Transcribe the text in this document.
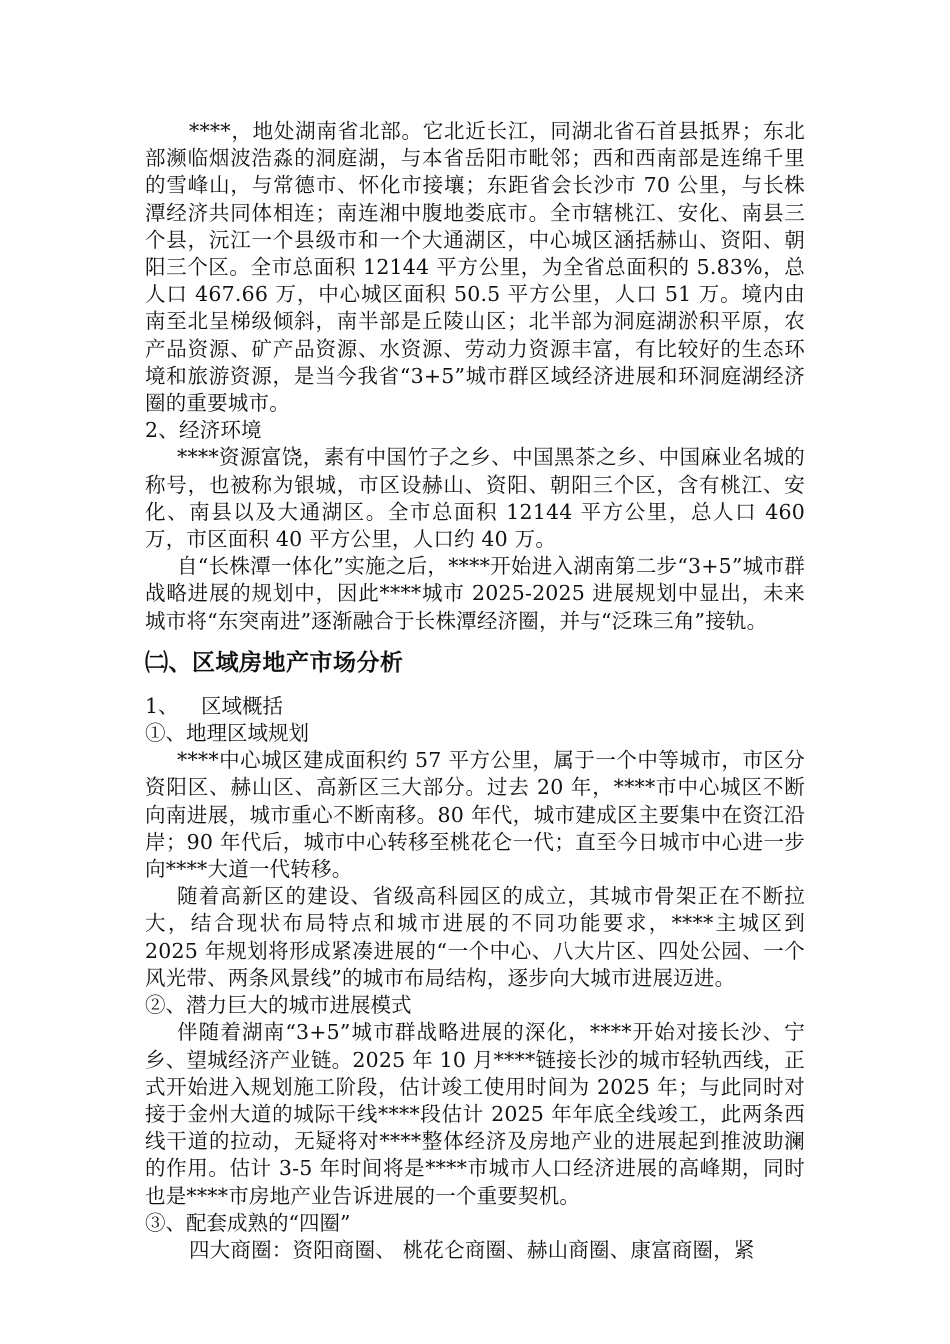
****，地处湖南省北部。它北近长江，同湖北省石首县抵界；东北部濒临烟波浩淼的洞庭湖，与本省岳阳市毗邻；西和西南部是连绵千里的雪峰山，与常德市、怀化市接壤；东距省会长沙市 70 公里，与长株潭经济共同体相连；南连湘中腹地娄底市。全市辖桃江、安化、南县三个县，沅江一个县级市和一个大通湖区，中心城区涵括赫山、资阳、朝阳三个区。全市总面积 12144 平方公里，为全省总面积的 5.83%，总人口 467.66 万，中心城区面积 50.5 平方公里，人口 51 万。境内由南至北呈梯级倾斜，南半部是丘陵山区；北半部为洞庭湖淤积平原，农产品资源、矿产品资源、水资源、劳动力资源丰富，有比较好的生态环境和旅游资源，是当今我省“3+5”城市群区域经济进展和环洞庭湖经济圈的重要城市。

2、经济环境

****资源富饶，素有中国竹子之乡、中国黑茶之乡、中国麻业名城的称号，也被称为银城，市区设赫山、资阳、朝阳三个区，含有桃江、安化、南县以及大通湖区。全市总面积 12144 平方公里，总人口 460 万，市区面积 40 平方公里，人口约 40 万。

自“长株潭一体化”实施之后，****开始进入湖南第二步“3+5”城市群战略进展的规划中，因此****城市 2025-2025 进展规划中显出，未来城市将“东突南进”逐渐融合于长株潭经济圈，并与“泛珠三角”接轨。

㈡、区域房地产市场分析

1、 区域概括

①、地理区域规划

****中心城区建成面积约 57 平方公里，属于一个中等城市，市区分资阳区、赫山区、高新区三大部分。过去 20 年，****市中心城区不断向南进展，城市重心不断南移。80 年代，城市建成区主要集中在资江沿岸；90 年代后，城市中心转移至桃花仑一代；直至今日城市中心进一步向****大道一代转移。

随着高新区的建设、省级高科园区的成立，其城市骨架正在不断拉大，结合现状布局特点和城市进展的不同功能要求，****主城区到 2025 年规划将形成紧凑进展的“一个中心、八大片区、四处公园、一个风光带、两条风景线”的城市布局结构，逐步向大城市进展迈进。

②、潜力巨大的城市进展模式

伴随着湖南“3+5”城市群战略进展的深化，****开始对接长沙、宁乡、望城经济产业链。2025 年 10 月****链接长沙的城市轻轨西线，正式开始进入规划施工阶段，估计竣工使用时间为 2025 年；与此同时对接于金州大道的城际干线****段估计 2025 年年底全线竣工，此两条西线干道的拉动，无疑将对****整体经济及房地产业的进展起到推波助澜的作用。估计 3-5 年时间将是****市城市人口经济进展的高峰期，同时也是****市房地产业告诉进展的一个重要契机。

③、配套成熟的“四圈”

四大商圈：资阳商圈、 桃花仑商圈、赫山商圈、康富商圈，紧
